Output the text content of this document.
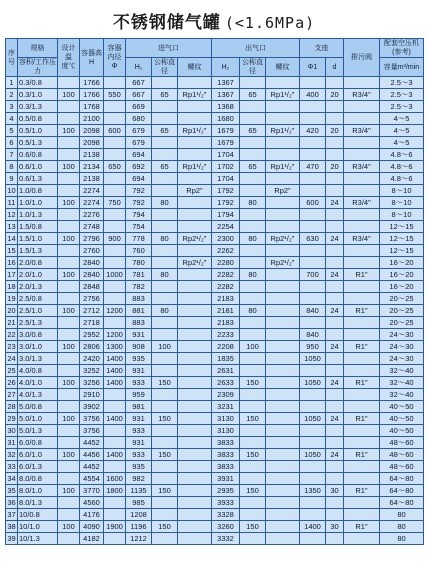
不锈钢储气罐 (<1.6MPa)
序号	规格	设计温度℃	容器高H	容器内径Φ	进气口			出气口			支座		排污阀	配套空压机(参考)
	容积/工作压力				H₁	公称直径	螺纹	H₂	公称直径	螺纹	Φ1	d		容量m³/min
1	0.3/0.8		1766		667			1367						2.5～3
2	0.3/1.0	100	1766	550	667	65	Rp1¹/₂"	1367	65	Rp1¹/₂"	400	20	R3/4"	2.5～3
3	0.3/1.3		1768		669			1368						2.5～3
4	0.5/0.8		2100		680			1680						4～5
5	0.5/1.0	100	2098	600	679	65	Rp1¹/₂"	1679	65	Rp1¹/₂"	420	20	R3/4"	4～5
6	0.5/1.3		2098		679			1679						4～5
7	0.6/0.8		2138		694			1704						4.8～6
8	0.6/1.0	100	2134	650	692	65	Rp1¹/₂"	1702	65	Rp1¹/₂"	470	20	R3/4"	4.8～6
9	0.6/1.3		2138		694			1704						4.8～6
10	1.0/0.8		2274		792		Rp2"	1792		Rp2"				8～10
11	1.0/1.0	100	2274	750	792	80		1792	80		600	24	R3/4"	8～10
12	1.0/1.3		2276		794			1794						8～10
13	1.5/0.8		2748		754			2254						12～15
14	1.5/1.0	100	2796	900	778	80	Rp2¹/₂"	2300	80	Rp2¹/₂"	630	24	R3/4"	12～15
15	1.5/1.3		2760		760			2262						12～15
16	2.0/0.8		2840		780		Rp2¹/₂"	2280		Rp2¹/₂"				16～20
17	2.0/1.0	100	2840	1000	781	80		2282	80		700	24	R1"	16～20
18	2.0/1.3		2848		782			2282						16～20
19	2.5/0.8		2756		883			2183						20～25
20	2.5/1.0	100	2712	1200	881	80		2181	80		840	24	R1"	20～25
21	2.5/1.3		2718		883			2183						20～25
22	3.0/0.8		2952	1200	931			2233			840			24～30
23	3.0/1.0	100	2806	1300	908	100		2208	100		950	24	R1"	24～30
24	3.0/1.3		2420	1400	935			1835			1050			24～30
25	4.0/0.8		3252	1400	931			2631						32～40
26	4.0/1.0	100	3256	1400	933	150		2633	150		1050	24	R1"	32～40
27	4.0/1.3		2910		959			2309						32～40
28	5.0/0.8		3902		981			3231						40～50
29	5.0/1.0	100	3756	1400	931	150		3130	150		1050	24	R1"	40～50
30	5.0/1.3		3756		933			3130						40～50
31	6.0/0.8		4452		931			3833						48～60
32	6.0/1.0	100	4456	1400	933	150		3833	150		1050	24	R1"	48～60
33	6.0/1.3		4452		935			3833						48～60
34	8.0/0.8		4554	1600	982			3931						64～80
35	8.0/1.0	100	3770	1800	1135	150		2935	150		1350	30	R1"	64～80
36	8.0/1.3		4560		985			3933						64～80
37	10/0.8		4176		1208			3328						80
38	10/1.0	100	4090	1900	1196	150		3260	150		1400	30	R1"	80
39	10/1.3		4182		1212			3332						80
